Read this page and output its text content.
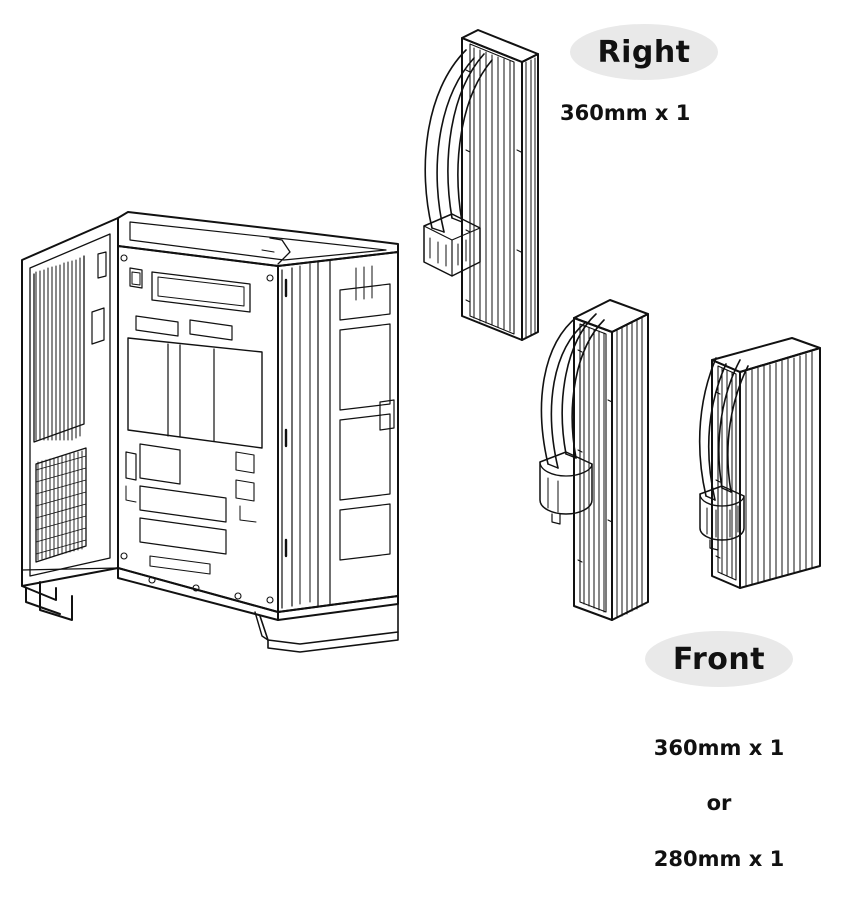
Right
360mm x 1
Front

360mm x 1

or

280mm x 1
